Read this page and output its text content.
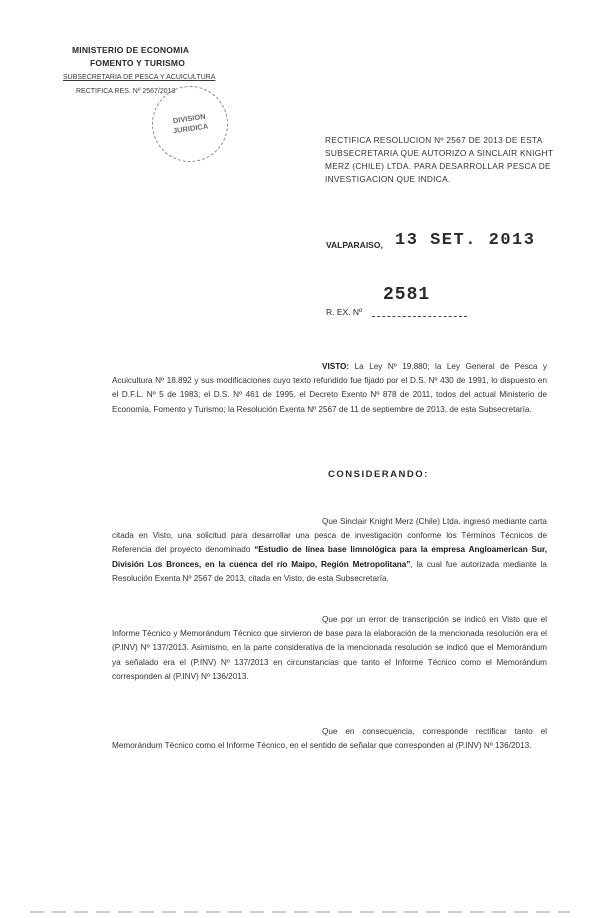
MINISTERIO DE ECONOMIA
FOMENTO Y TURISMO
SUBSECRETARIA DE PESCA Y ACUICULTURA
RECTIFICA RES. Nº 2567/2013
DIVISION
JURIDICA
RECTIFICA RESOLUCION Nº 2567 DE 2013 DE ESTA SUBSECRETARIA QUE AUTORIZO A SINCLAIR KNIGHT MERZ (CHILE) LTDA. PARA DESARROLLAR PESCA DE INVESTIGACION QUE INDICA.
VALPARAISO, 13 SET. 2013
2581
R. EX. Nº
VISTO: La Ley Nº 19.880; la Ley General de Pesca y Acuicultura Nº 18.892 y sus modificaciones cuyo texto refundido fue fijado por el D.S. Nº 430 de 1991, lo dispuesto en el D.F.L. Nº 5 de 1983; el D.S. Nº 461 de 1995, el Decreto Exento Nº 878 de 2011, todos del actual Ministerio de Economía, Fomento y Turismo; la Resolución Exenta Nº 2567 de 11 de septiembre de 2013, de esta Subsecretaría.
CONSIDERANDO:
Que Sinclair Knight Merz (Chile) Ltda. ingresó mediante carta citada en Visto, una solicitud para desarrollar una pesca de investigación conforme los Términos Técnicos de Referencia del proyecto denominado “Estudio de línea base limnológica para la empresa Angloamerican Sur, División Los Bronces, en la cuenca del río Maipo, Región Metropolitana”, la cual fue autorizada mediante la Resolución Exenta Nº 2567 de 2013, citada en Visto, de esta Subsecretaría.
Que por un error de transcripción se indicó en Visto que el Informe Técnico y Memorándum Técnico que sirvieron de base para la elaboración de la mencionada resolución era el (P.INV) Nº 137/2013. Asimismo, en la parte considerativa de la mencionada resolución se indicó que el Memorándum ya señalado era el (P.INV) Nº 137/2013 en circunstancias que tanto el Informe Técnico como el Memorándum corresponden al (P.INV) Nº 136/2013.
Que en consecuencia, corresponde rectificar tanto el Memorándum Técnico como el Informe Técnico, en el sentido de señalar que corresponden al (P.INV) Nº 136/2013.
